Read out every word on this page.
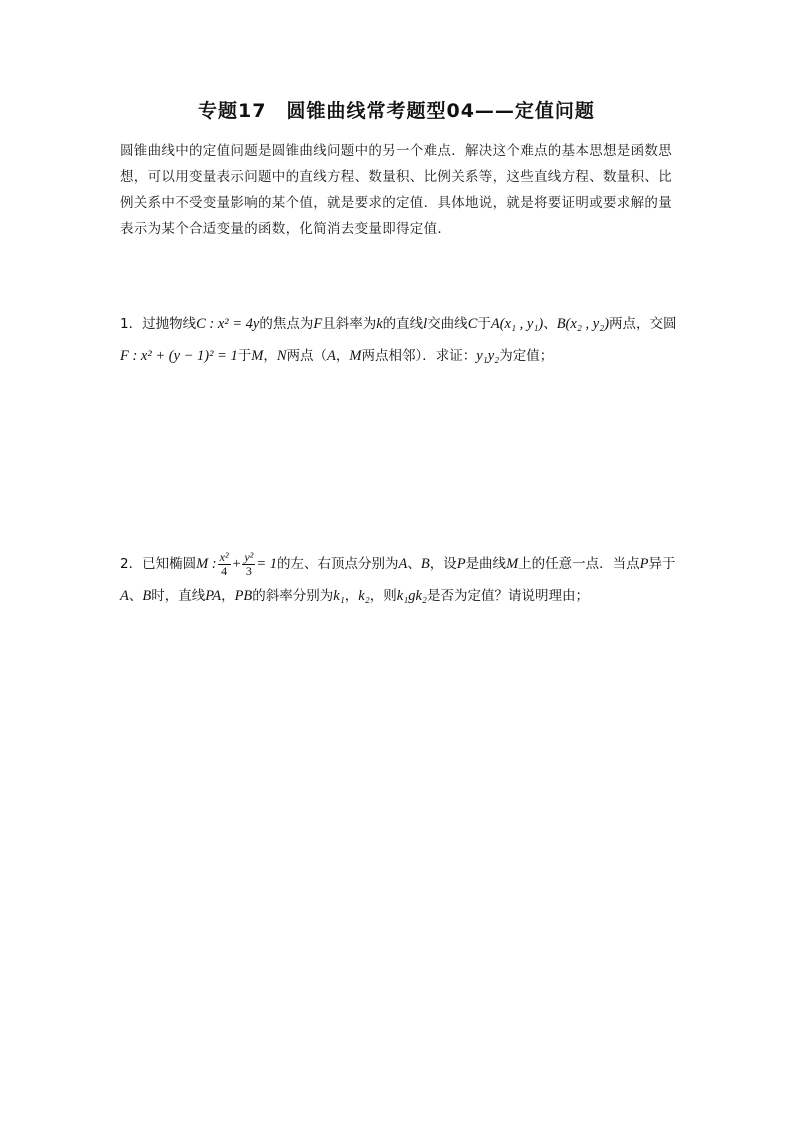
专题17　圆锥曲线常考题型04——定值问题
圆锥曲线中的定值问题是圆锥曲线问题中的另一个难点．解决这个难点的基本思想是函数思想，可以用变量表示问题中的直线方程、数量积、比例关系等，这些直线方程、数量积、比例关系中不受变量影响的某个值，就是要求的定值．具体地说，就是将要证明或要求解的量表示为某个合适变量的函数，化简消去变量即得定值．
1．过抛物线C : x² = 4y的焦点为F且斜率为k的直线l交曲线C于A(x₁ , y₁)、B(x₂ , y₂)两点，交圆F : x² + (y − 1)² = 1于M，N两点（A，M两点相邻）．求证：y₁y₂为定值；
2．已知椭圆M : $\frac{\text{x²}}{4} + \frac{\text{y²}}{3} = 1$的左、右顶点分别为A、B，设P是曲线M上的任意一点．当点P异于A、B时，直线PA，PB的斜率分别为k₁，k₂，则k₁gk₂是否为定值？请说明理由；
